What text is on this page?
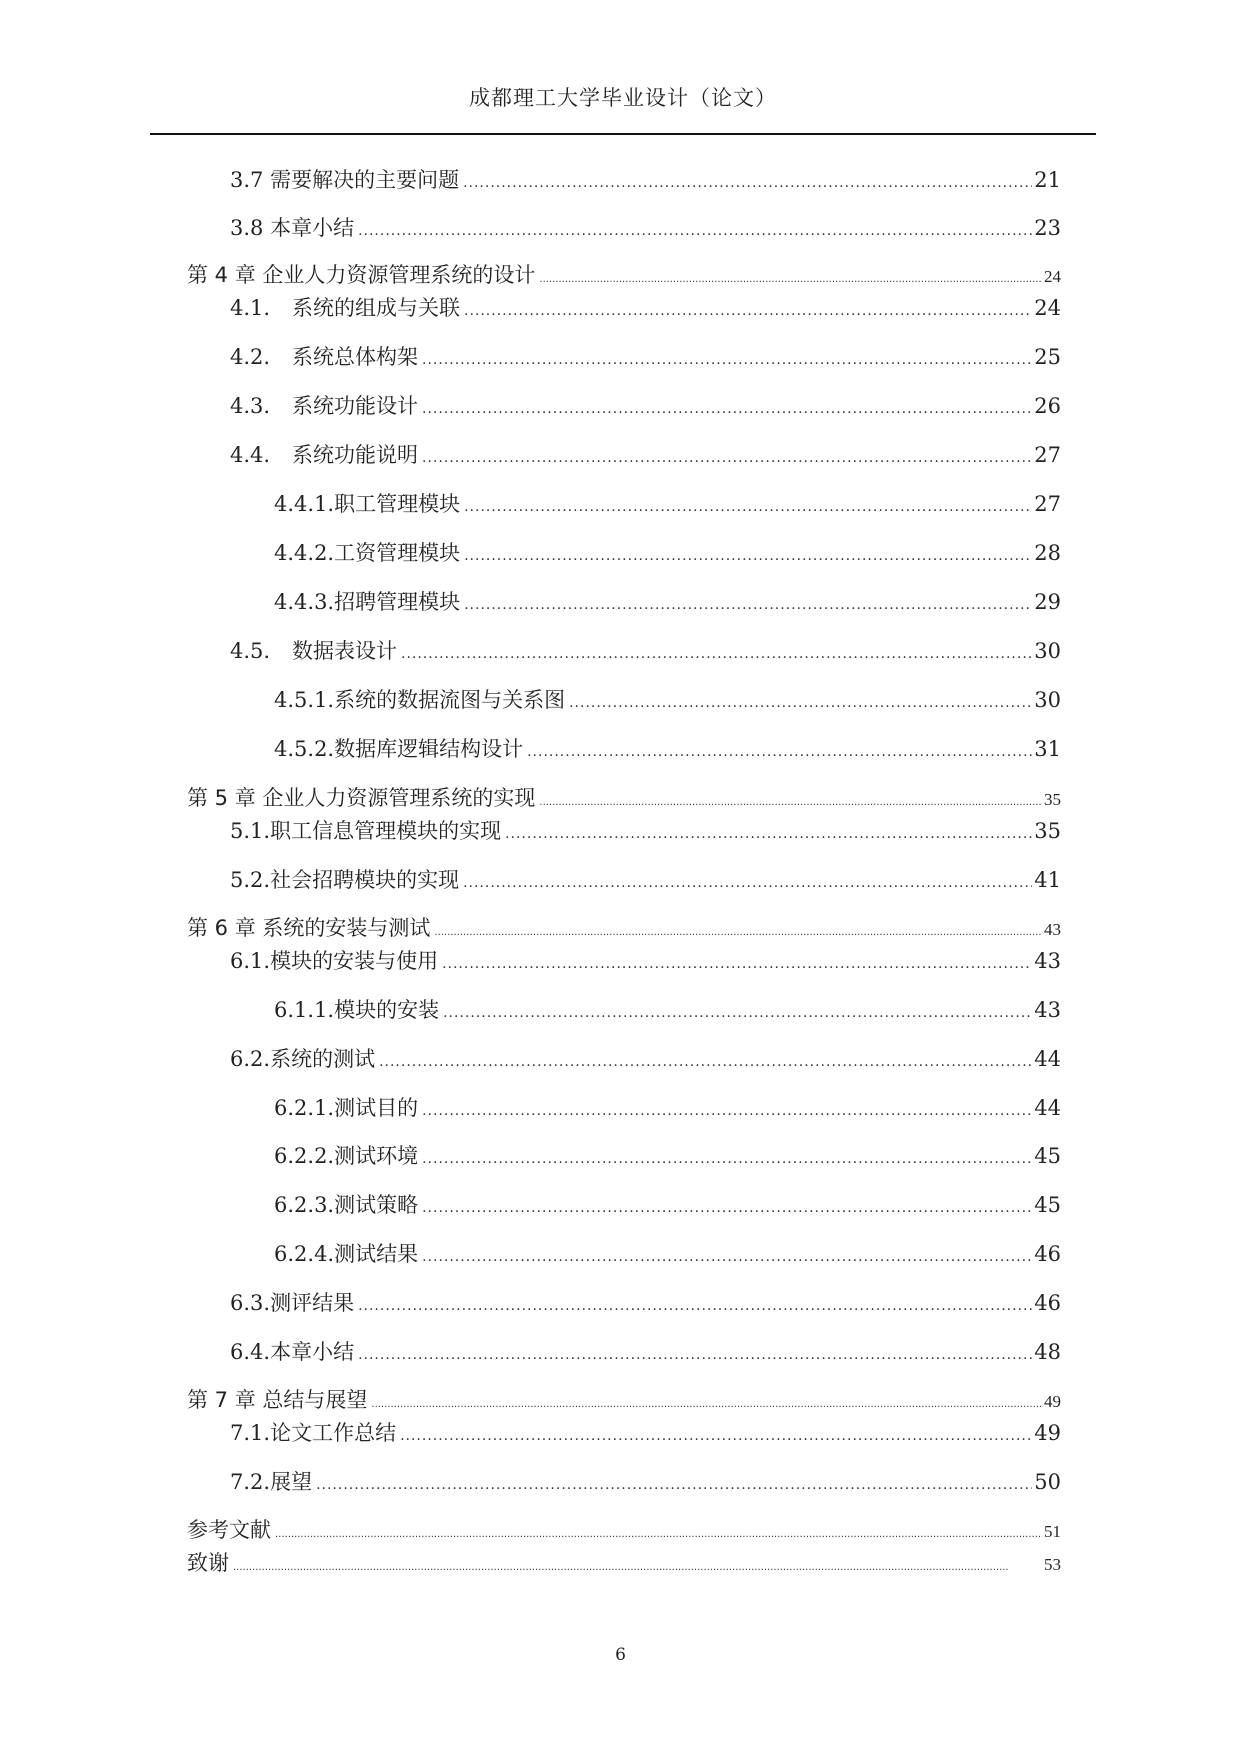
成都理工大学毕业设计（论文）
3.7 需要解决的主要问题 .....	21
3.8 本章小结 .....	23
第 4 章 企业人力资源管理系统的设计 .....	24
4.1. 系统的组成与关联 .....	24
4.2. 系统总体构架 .....	25
4.3. 系统功能设计 .....	26
4.4. 系统功能说明 .....	27
4.4.1.职工管理模块 .....	27
4.4.2.工资管理模块 .....	28
4.4.3.招聘管理模块 .....	29
4.5. 数据表设计 .....	30
4.5.1.系统的数据流图与关系图 .....	30
4.5.2.数据库逻辑结构设计 .....	31
第 5 章 企业人力资源管理系统的实现 .....	35
5.1.职工信息管理模块的实现 .....	35
5.2.社会招聘模块的实现 .....	41
第 6 章 系统的安装与测试 .....	43
6.1.模块的安装与使用 .....	43
6.1.1.模块的安装 .....	43
6.2.系统的测试 .....	44
6.2.1.测试目的 .....	44
6.2.2.测试环境 .....	45
6.2.3.测试策略 .....	45
6.2.4.测试结果 .....	46
6.3.测评结果 .....	46
6.4.本章小结 .....	48
第 7 章 总结与展望 .....	49
7.1.论文工作总结 .....	49
7.2.展望 .....	50
参考文献 .....	51
致谢 .....	53
6
